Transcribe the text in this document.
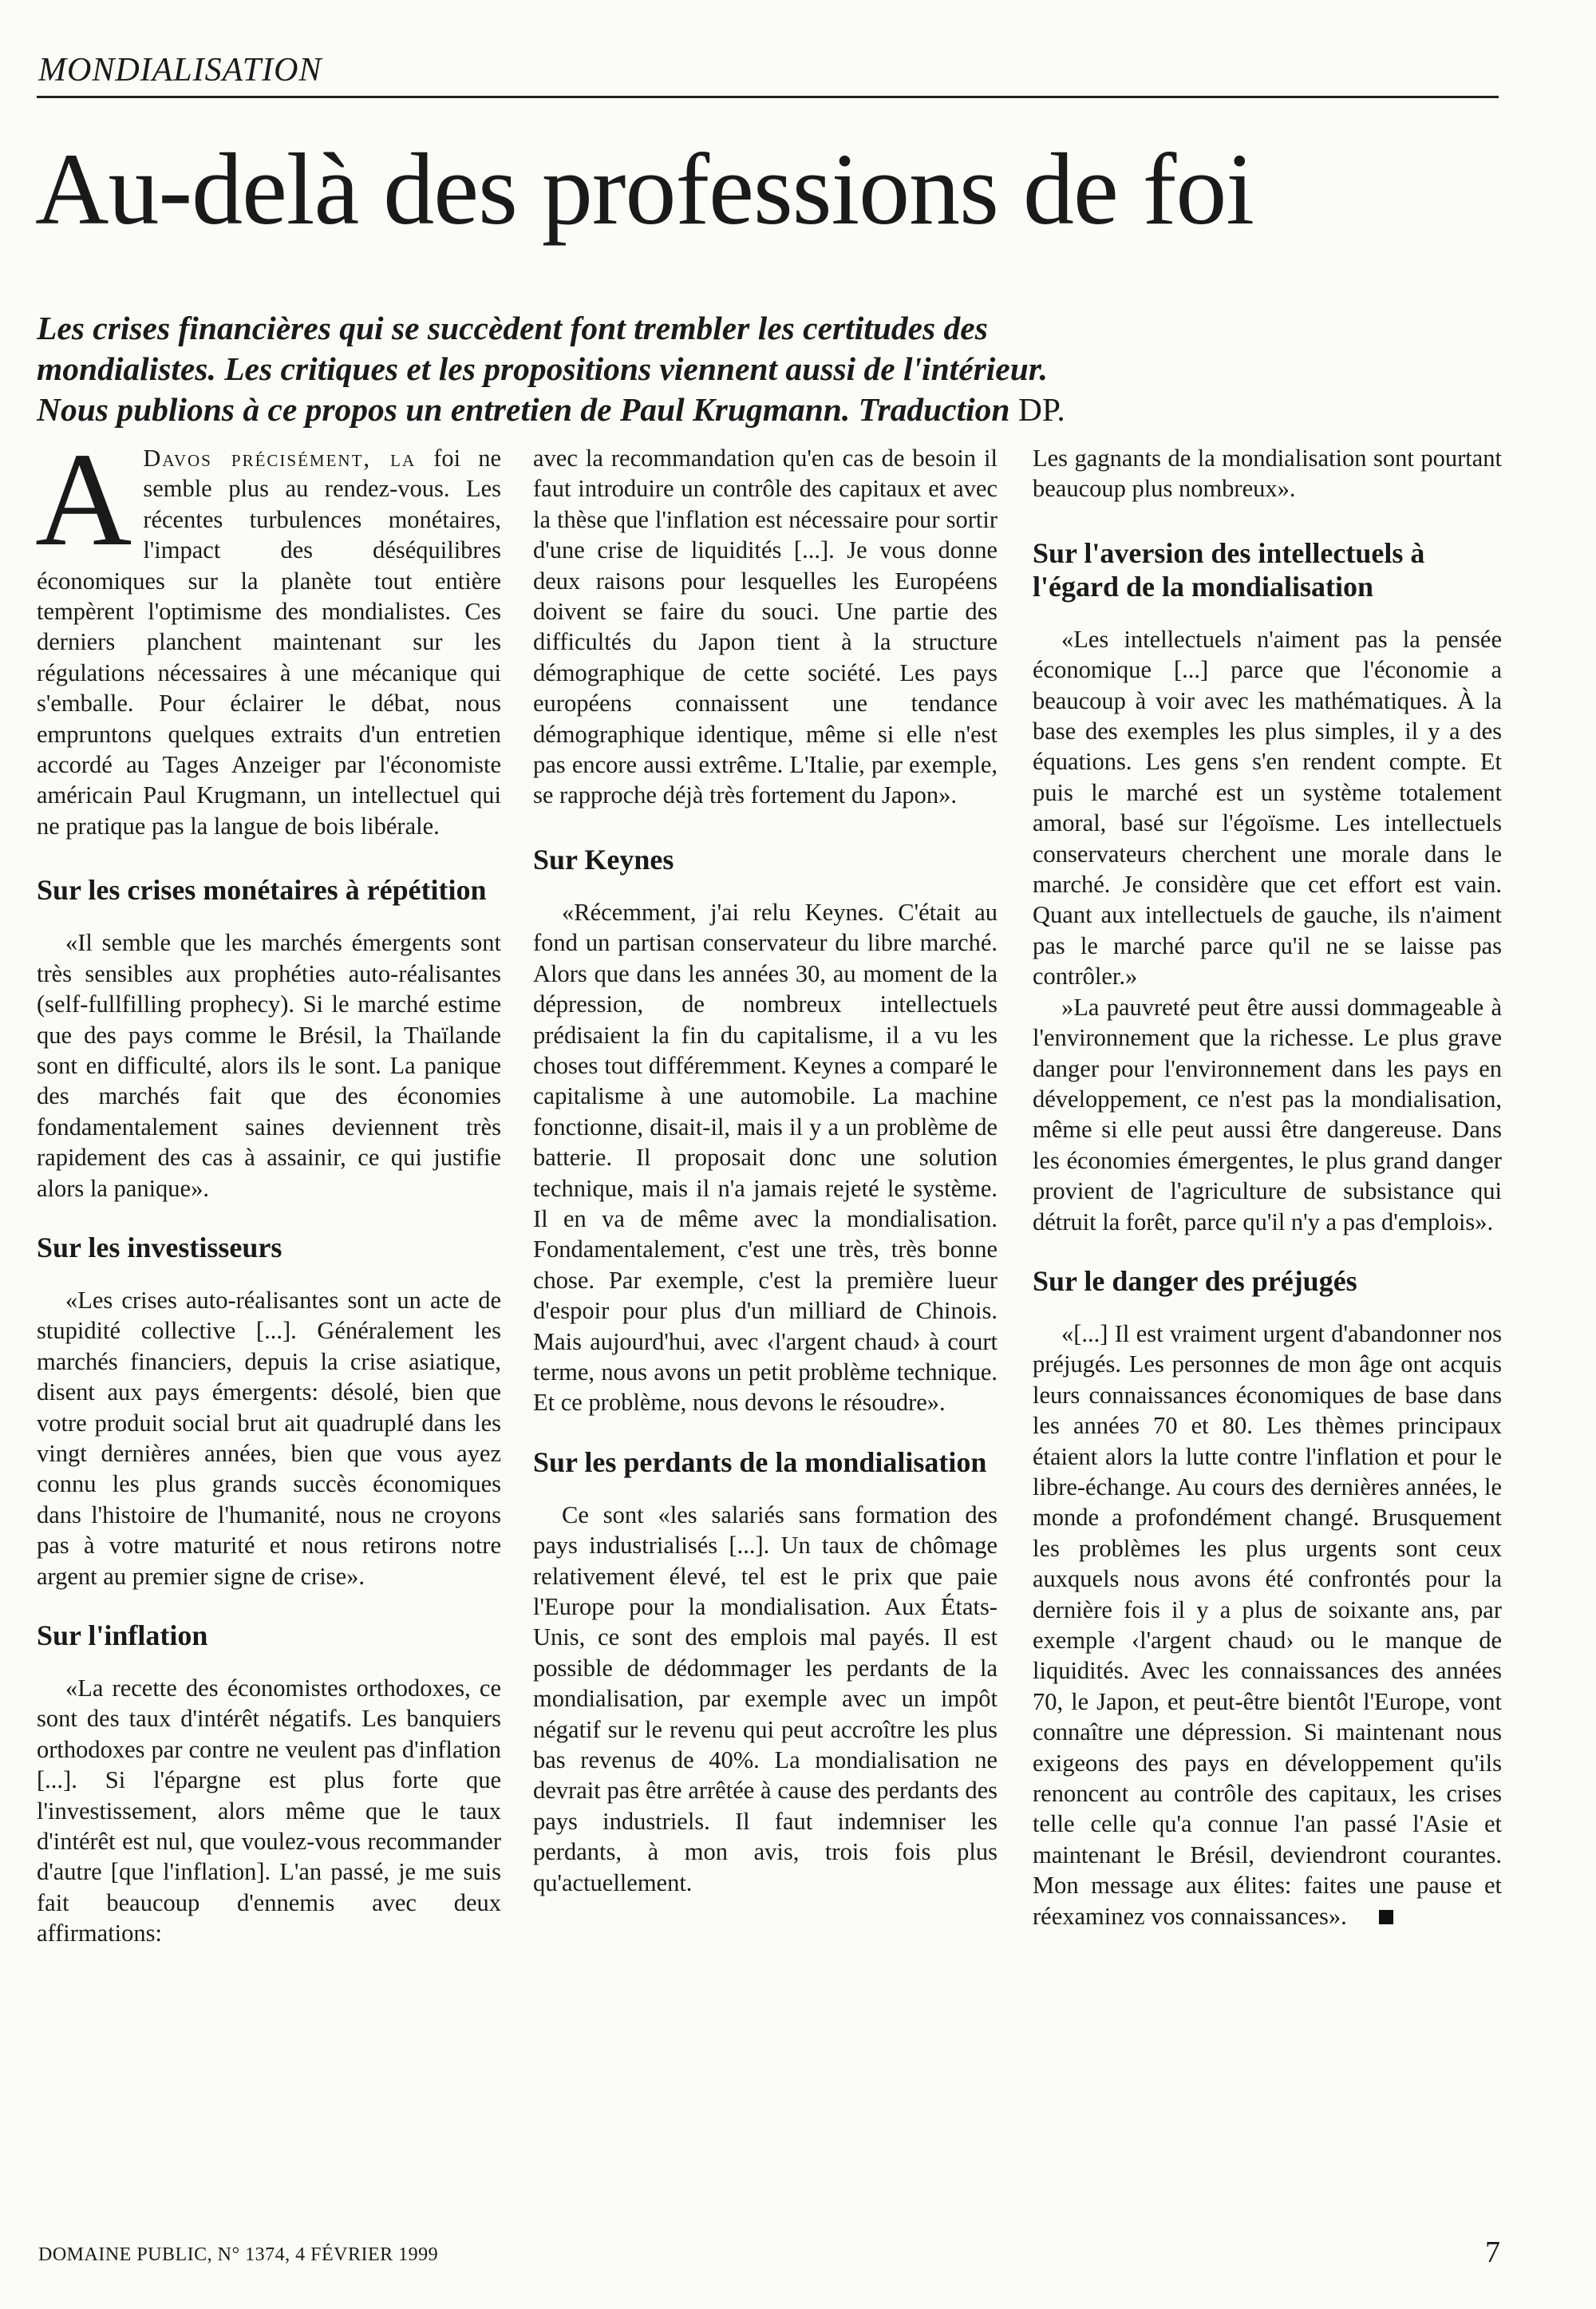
MONDIALISATION
Au-delà des professions de foi
Les crises financières qui se succèdent font trembler les certitudes des
mondialistes. Les critiques et les propositions viennent aussi de l'intérieur.
Nous publions à ce propos un entretien de Paul Krugmann. Traduction DP.

A Davos précisément, la foi ne semble plus au rendez-vous. Les récentes turbulences monétaires, l'impact des déséquilibres économiques sur la planète tout entière tempèrent l'optimisme des mondialistes. Ces derniers planchent maintenant sur les régulations nécessaires à une mécanique qui s'emballe. Pour éclairer le débat, nous empruntons quelques extraits d'un entretien accordé au Tages Anzeiger par l'économiste américain Paul Krugmann, un intellectuel qui ne pratique pas la langue de bois libérale.

Sur les crises monétaires à répétition

«Il semble que les marchés émergents sont très sensibles aux prophéties auto-réalisantes (self-fullfilling prophecy). Si le marché estime que des pays comme le Brésil, la Thaïlande sont en difficulté, alors ils le sont. La panique des marchés fait que des économies fondamentalement saines deviennent très rapidement des cas à assainir, ce qui justifie alors la panique».

Sur les investisseurs

«Les crises auto-réalisantes sont un acte de stupidité collective [...]. Généralement les marchés financiers, depuis la crise asiatique, disent aux pays émergents: désolé, bien que votre produit social brut ait quadruplé dans les vingt dernières années, bien que vous ayez connu les plus grands succès économiques dans l'histoire de l'humanité, nous ne croyons pas à votre maturité et nous retirons notre argent au premier signe de crise».

Sur l'inflation

«La recette des économistes orthodoxes, ce sont des taux d'intérêt négatifs. Les banquiers orthodoxes par contre ne veulent pas d'inflation [...]. Si l'épargne est plus forte que l'investissement, alors même que le taux d'intérêt est nul, que voulez-vous recommander d'autre [que l'inflation]. L'an passé, je me suis fait beaucoup d'ennemis avec deux affirmations:

avec la recommandation qu'en cas de besoin il faut introduire un contrôle des capitaux et avec la thèse que l'inflation est nécessaire pour sortir d'une crise de liquidités [...]. Je vous donne deux raisons pour lesquelles les Européens doivent se faire du souci. Une partie des difficultés du Japon tient à la structure démographique de cette société. Les pays européens connaissent une tendance démographique identique, même si elle n'est pas encore aussi extrême. L'Italie, par exemple, se rapproche déjà très fortement du Japon».

Sur Keynes

«Récemment, j'ai relu Keynes. C'était au fond un partisan conservateur du libre marché. Alors que dans les années 30, au moment de la dépression, de nombreux intellectuels prédisaient la fin du capitalisme, il a vu les choses tout différemment. Keynes a comparé le capitalisme à une automobile. La machine fonctionne, disait-il, mais il y a un problème de batterie. Il proposait donc une solution technique, mais il n'a jamais rejeté le système. Il en va de même avec la mondialisation. Fondamentalement, c'est une très, très bonne chose. Par exemple, c'est la première lueur d'espoir pour plus d'un milliard de Chinois. Mais aujourd'hui, avec ‹l'argent chaud› à court terme, nous avons un petit problème technique. Et ce problème, nous devons le résoudre».

Sur les perdants de la mondialisation

Ce sont «les salariés sans formation des pays industrialisés [...]. Un taux de chômage relativement élevé, tel est le prix que paie l'Europe pour la mondialisation. Aux États-Unis, ce sont des emplois mal payés. Il est possible de dédommager les perdants de la mondialisation, par exemple avec un impôt négatif sur le revenu qui peut accroître les plus bas revenus de 40%. La mondialisation ne devrait pas être arrêtée à cause des perdants des pays industriels. Il faut indemniser les perdants, à mon avis, trois fois plus qu'actuellement.

Les gagnants de la mondialisation sont pourtant beaucoup plus nombreux».

Sur l'aversion des intellectuels à l'égard de la mondialisation

«Les intellectuels n'aiment pas la pensée économique [...] parce que l'économie a beaucoup à voir avec les mathématiques. À la base des exemples les plus simples, il y a des équations. Les gens s'en rendent compte. Et puis le marché est un système totalement amoral, basé sur l'égoïsme. Les intellectuels conservateurs cherchent une morale dans le marché. Je considère que cet effort est vain. Quant aux intellectuels de gauche, ils n'aiment pas le marché parce qu'il ne se laisse pas contrôler.»

»La pauvreté peut être aussi dommageable à l'environnement que la richesse. Le plus grave danger pour l'environnement dans les pays en développement, ce n'est pas la mondialisation, même si elle peut aussi être dangereuse. Dans les économies émergentes, le plus grand danger provient de l'agriculture de subsistance qui détruit la forêt, parce qu'il n'y a pas d'emplois».

Sur le danger des préjugés

«[...] Il est vraiment urgent d'abandonner nos préjugés. Les personnes de mon âge ont acquis leurs connaissances économiques de base dans les années 70 et 80. Les thèmes principaux étaient alors la lutte contre l'inflation et pour le libre-échange. Au cours des dernières années, le monde a profondément changé. Brusquement les problèmes les plus urgents sont ceux auxquels nous avons été confrontés pour la dernière fois il y a plus de soixante ans, par exemple ‹l'argent chaud› ou le manque de liquidités. Avec les connaissances des années 70, le Japon, et peut-être bientôt l'Europe, vont connaître une dépression. Si maintenant nous exigeons des pays en développement qu'ils renoncent au contrôle des capitaux, les crises telle celle qu'a connue l'an passé l'Asie et maintenant le Brésil, deviendront courantes. Mon message aux élites: faites une pause et réexaminez vos connaissances».

DOMAINE PUBLIC, N° 1374, 4 FÉVRIER 1999	7
